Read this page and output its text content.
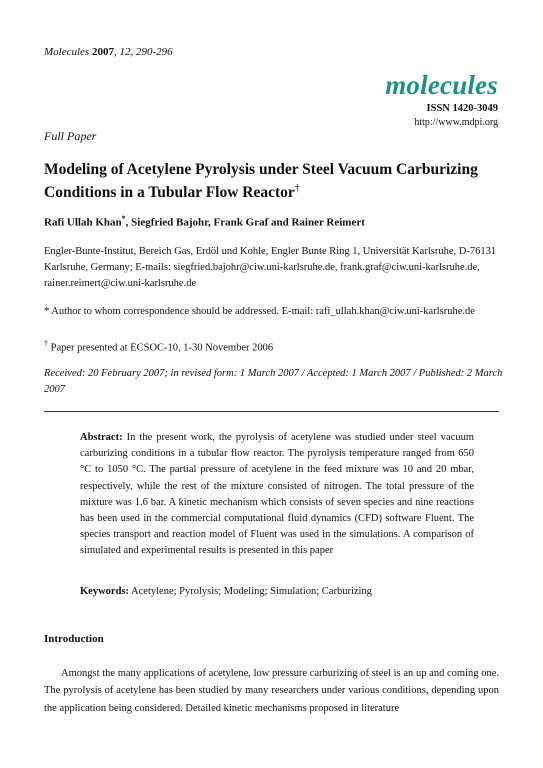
Molecules 2007, 12, 290-296
molecules
ISSN 1420-3049
http://www.mdpi.org
Full Paper
Modeling of Acetylene Pyrolysis under Steel Vacuum Carburizing Conditions in a Tubular Flow Reactor†
Rafi Ullah Khan*, Siegfried Bajohr, Frank Graf and Rainer Reimert
Engler-Bunte-Institut, Bereich Gas, Erdöl und Kohle, Engler Bunte Ring 1, Universität Karlsruhe, D-76131 Karlsruhe, Germany; E-mails: siegfried.bajohr@ciw.uni-karlsruhe.de, frank.graf@ciw.uni-karlsruhe.de, rainer.reimert@ciw.uni-karlsruhe.de
* Author to whom correspondence should be addressed. E-mail: rafi_ullah.khan@ciw.uni-karlsruhe.de
† Paper presented at ECSOC-10, 1-30 November 2006
Received: 20 February 2007; in revised form: 1 March 2007 / Accepted: 1 March 2007 / Published: 2 March 2007
Abstract: In the present work, the pyrolysis of acetylene was studied under steel vacuum carburizing conditions in a tubular flow reactor. The pyrolysis temperature ranged from 650 °C to 1050 °C. The partial pressure of acetylene in the feed mixture was 10 and 20 mbar, respectively, while the rest of the mixture consisted of nitrogen. The total pressure of the mixture was 1.6 bar. A kinetic mechanism which consists of seven species and nine reactions has been used in the commercial computational fluid dynamics (CFD) software Fluent. The species transport and reaction model of Fluent was used in the simulations. A comparison of simulated and experimental results is presented in this paper
Keywords: Acetylene; Pyrolysis; Modeling; Simulation; Carburizing
Introduction
Amongst the many applications of acetylene, low pressure carburizing of steel is an up and coming one. The pyrolysis of acetylene has been studied by many researchers under various conditions, depending upon the application being considered. Detailed kinetic mechanisms proposed in literature
